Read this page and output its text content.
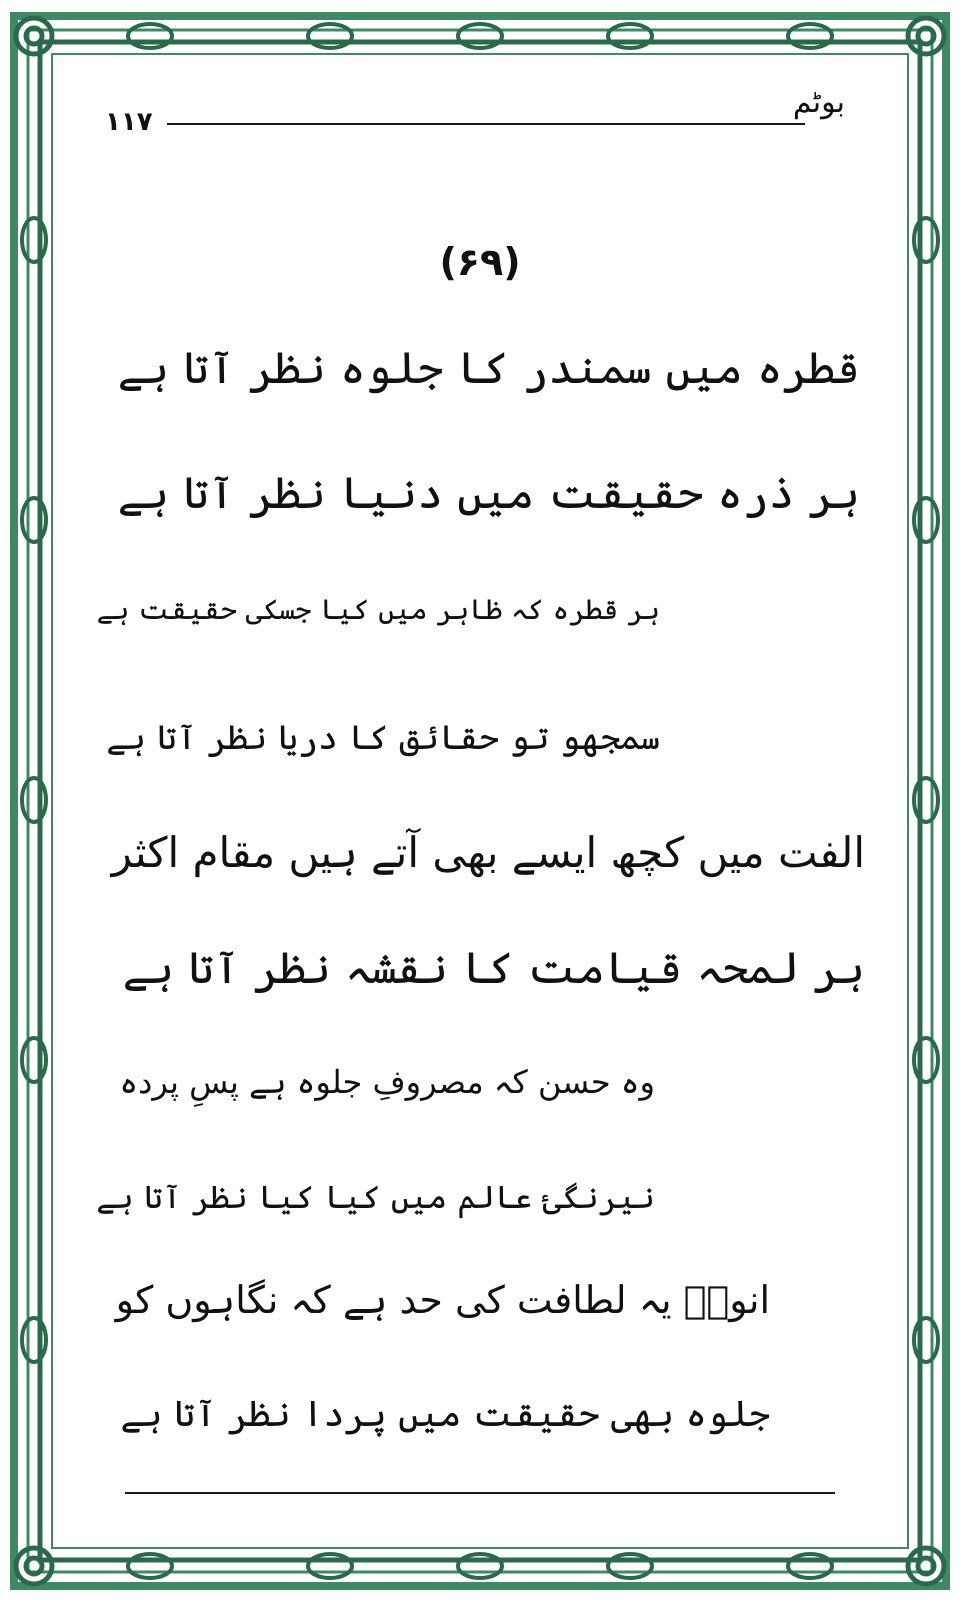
۱۱۷
بوٹم
(۶۹)
قطرہ میں سمندر کا جلوہ نظر آتا ہے
ہر ذرہ حقیقت میں دنیا نظر آتا ہے
ہر قطرہ کہ ظاہر میں کیا جسکی حقیقت ہے
سمجھو تو حقائق کا دریا نظر آتا ہے
الفت میں کچھ ایسے بھی آتے ہیں مقام اکثر
ہر لمحہ قیامت کا نقشہ نظر آتا ہے
وہ حسن کہ مصروفِ جلوہ ہے پسِ پردہ
نیرنگیٔ عالم میں کیا کیا نظر آتا ہے
انورؔ یہ لطافت کی حد ہے کہ نگاہوں کو
جلوہ بھی حقیقت میں پردا نظر آتا ہے
